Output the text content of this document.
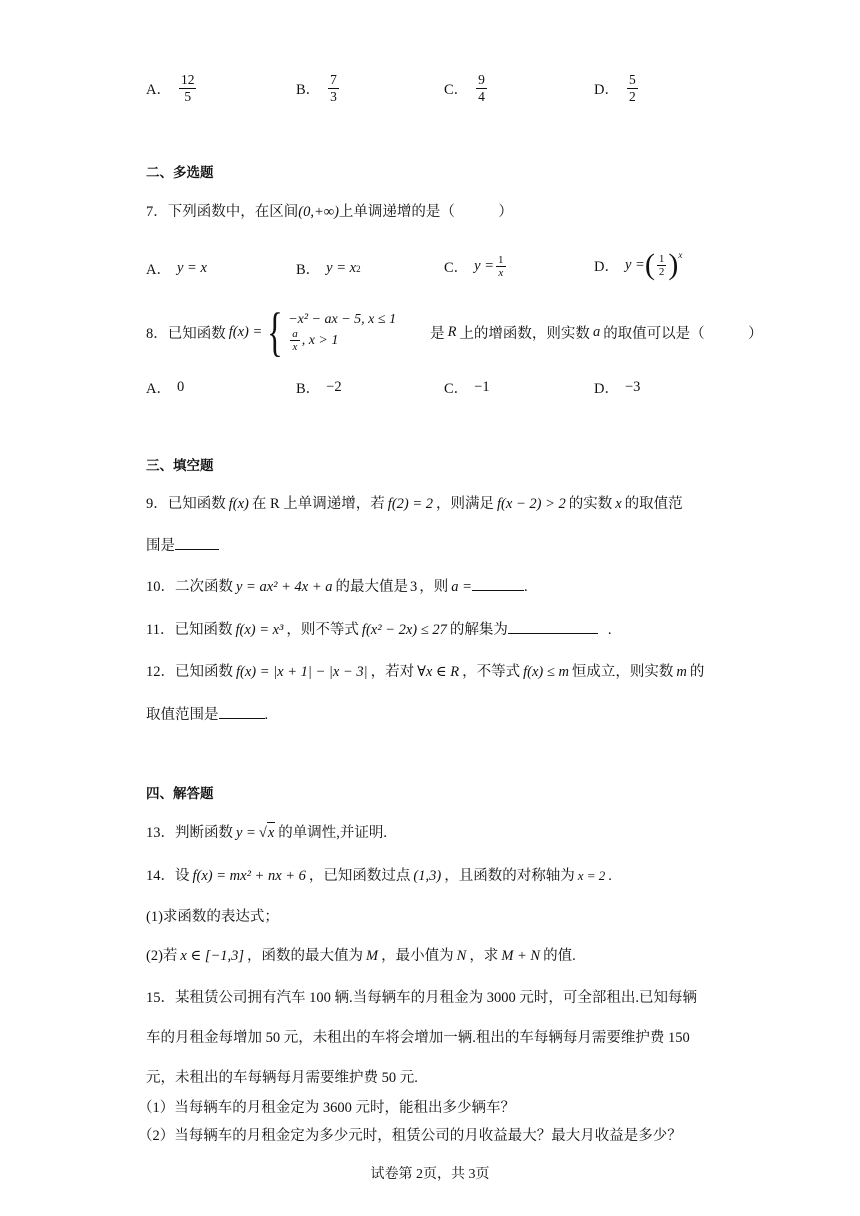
A． $\frac{12}{5}$	B． $\frac{7}{3}$	C． $\frac{9}{4}$	D． $\frac{5}{2}$
二、多选题
7．下列函数中，在区间(0,+∞)上单调递增的是（　　　）
A． y = x	B． y = x 2	C． $y = \frac{1}{x}$	D． y = ( $\frac{1}{2}$ ) x
8．已知函数 f(x) = { −x² − ax − 5, x ≤ 1
$\frac{a}{x}$ , x > 1	是 R 上的增函数，则实数 a 的取值可以是（　　　）
A． 0	B． −2	C． −1	D． −3
三、填空题
9．已知函数 f(x) 在 R 上单调递增，若 f(2) = 2 ，则满足 f(x − 2) > 2 的实数 x 的取值范
围是
10．二次函数 y = ax² + 4x + a 的最大值是 3 ，则 a =	.
11．已知函数 f(x) = x³ ，则不等式 f(x² − 2x) ≤ 27 的解集为	.
12．已知函数 f(x) = |x + 1| − |x − 3| ，若对 ∀x ∈ R ，不等式 f(x) ≤ m 恒成立，则实数 m 的
取值范围是	.
四、解答题
13．判断函数 y = √ x 的单调性,并证明.
14．设 f(x) = mx² + nx + 6 ，已知函数过点 (1,3) ，且函数的对称轴为 x = 2 .
(1)求函数的表达式；
(2)若 x ∈ [−1,3] ，函数的最大值为 M ，最小值为 N ，求 M + N 的值.
15．某租赁公司拥有汽车 100 辆.当每辆车的月租金为 3000 元时，可全部租出.已知每辆
车的月租金每增加 50 元，未租出的车将会增加一辆.租出的车每辆每月需要维护费 150
元，未租出的车每辆每月需要维护费 50 元.
（1）当每辆车的月租金定为 3600 元时，能租出多少辆车？
（2）当每辆车的月租金定为多少元时，租赁公司的月收益最大？最大月收益是多少？
试卷第 2页，共 3页
